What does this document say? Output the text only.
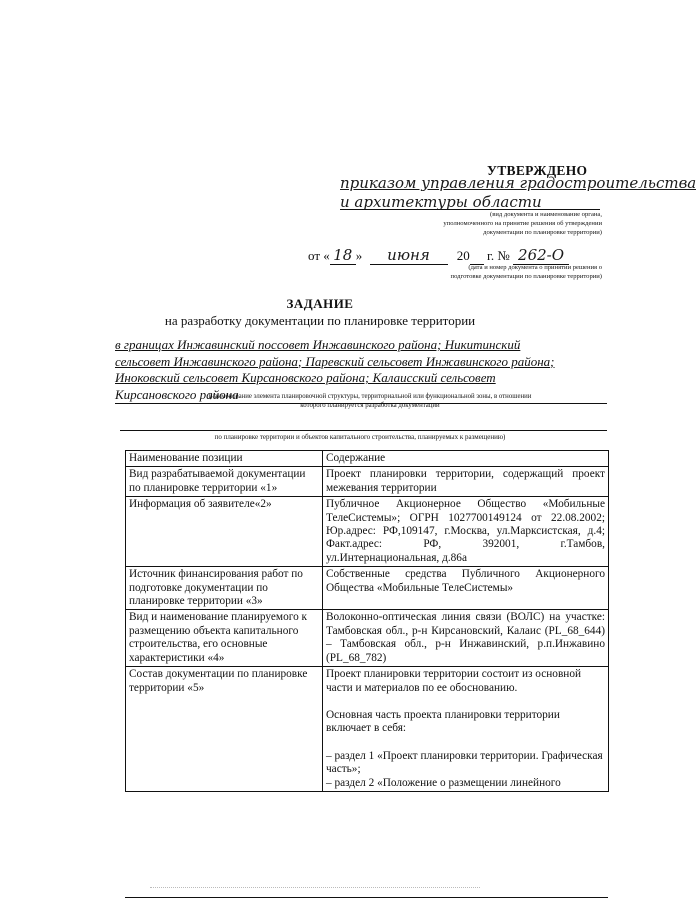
УТВЕРЖДЕНО
приказом управления градостроительства
и архитектуры области
(вид документа и наименование органа,
уполномоченного на принятие решения об утверждении
документации по планировке территории)
от « 18 » июня 20 г. № 262-О
(дата и номер документа о принятии решения о
подготовке документации по планировке территории)
ЗАДАНИЕ
на разработку документации по планировке территории
в границах Инжавинский поссовет Инжавинского района; Никитинский
сельсовет Инжавинского района; Паревский сельсовет Инжавинского района;
Иноковский сельсовет Кирсановского района; Калаисский сельсовет
Кирсановского района
(наименование элемента планировочной структуры, территориальной или функциональной зоны, в отношении
которого планируется разработка документации
по планировке территории и объектов капитального строительства, планируемых к размещению)
Наименование позиции	Содержание
Вид разрабатываемой документации по планировке территории «1»	Проект планировки территории, содержащий проект межевания территории
Информация об заявителе«2»	Публичное Акционерное Общество «Мобильные ТелеСистемы»; ОГРН 1027700149124 от 22.08.2002; Юр.адрес: РФ,109147, г.Москва, ул.Марксистская, д.4; Факт.адрес: РФ, 392001, г.Тамбов, ул.Интернациональная, д.86а
Источник финансирования работ по подготовке документации по планировке территории «3»	Собственные средства Публичного Акционерного Общества «Мобильные ТелеСистемы»
Вид и наименование планируемого к размещению объекта капитального строительства, его основные характеристики «4»	Волоконно-оптическая линия связи (ВОЛС) на участке: Тамбовская обл., р-н Кирсановский, Калаис (PL_68_644) – Тамбовская обл., р-н Инжавинский, р.п.Инжавино (PL_68_782)
Состав документации по планировке территории «5»	Проект планировки территории состоит из основной части и материалов по ее обоснованию.
Основная часть проекта планировки территории включает в себя:
– раздел 1 «Проект планировки территории. Графическая часть»;
– раздел 2 «Положение о размещении линейного
